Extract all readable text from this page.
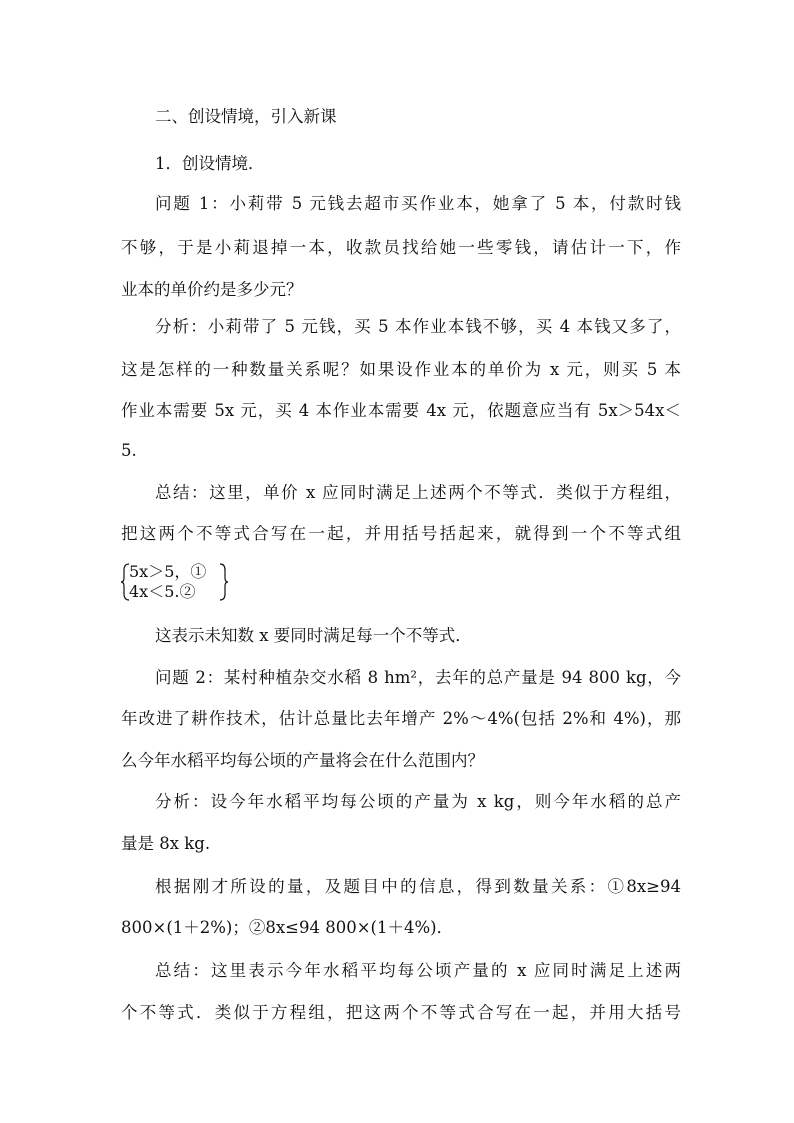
二、创设情境，引入新课
1．创设情境．
问题 1：小莉带 5 元钱去超市买作业本，她拿了 5 本，付款时钱
不够，于是小莉退掉一本，收款员找给她一些零钱，请估计一下，作
业本的单价约是多少元？
分析：小莉带了 5 元钱，买 5 本作业本钱不够，买 4 本钱又多了，
这是怎样的一种数量关系呢？如果设作业本的单价为 x 元，则买 5 本
作业本需要 5x 元，买 4 本作业本需要 4x 元，依题意应当有 5x＞54x＜
5.
总结：这里，单价 x 应同时满足上述两个不等式．类似于方程组，
把这两个不等式合写在一起，并用括号括起来，就得到一个不等式组
5x＞5，①
4x＜5.②
这表示未知数 x 要同时满足每一个不等式．
问题 2：某村种植杂交水稻 8 hm²，去年的总产量是 94 800 kg，今
年改进了耕作技术，估计总量比去年增产 2%～4%(包括 2%和 4%)，那
么今年水稻平均每公顷的产量将会在什么范围内？
分析：设今年水稻平均每公顷的产量为 x kg，则今年水稻的总产
量是 8x kg.
根据刚才所设的量，及题目中的信息，得到数量关系：①8x≥94
800×(1＋2%)；②8x≤94 800×(1＋4%)．
总结：这里表示今年水稻平均每公顷产量的 x 应同时满足上述两
个不等式．类似于方程组，把这两个不等式合写在一起，并用大括号
